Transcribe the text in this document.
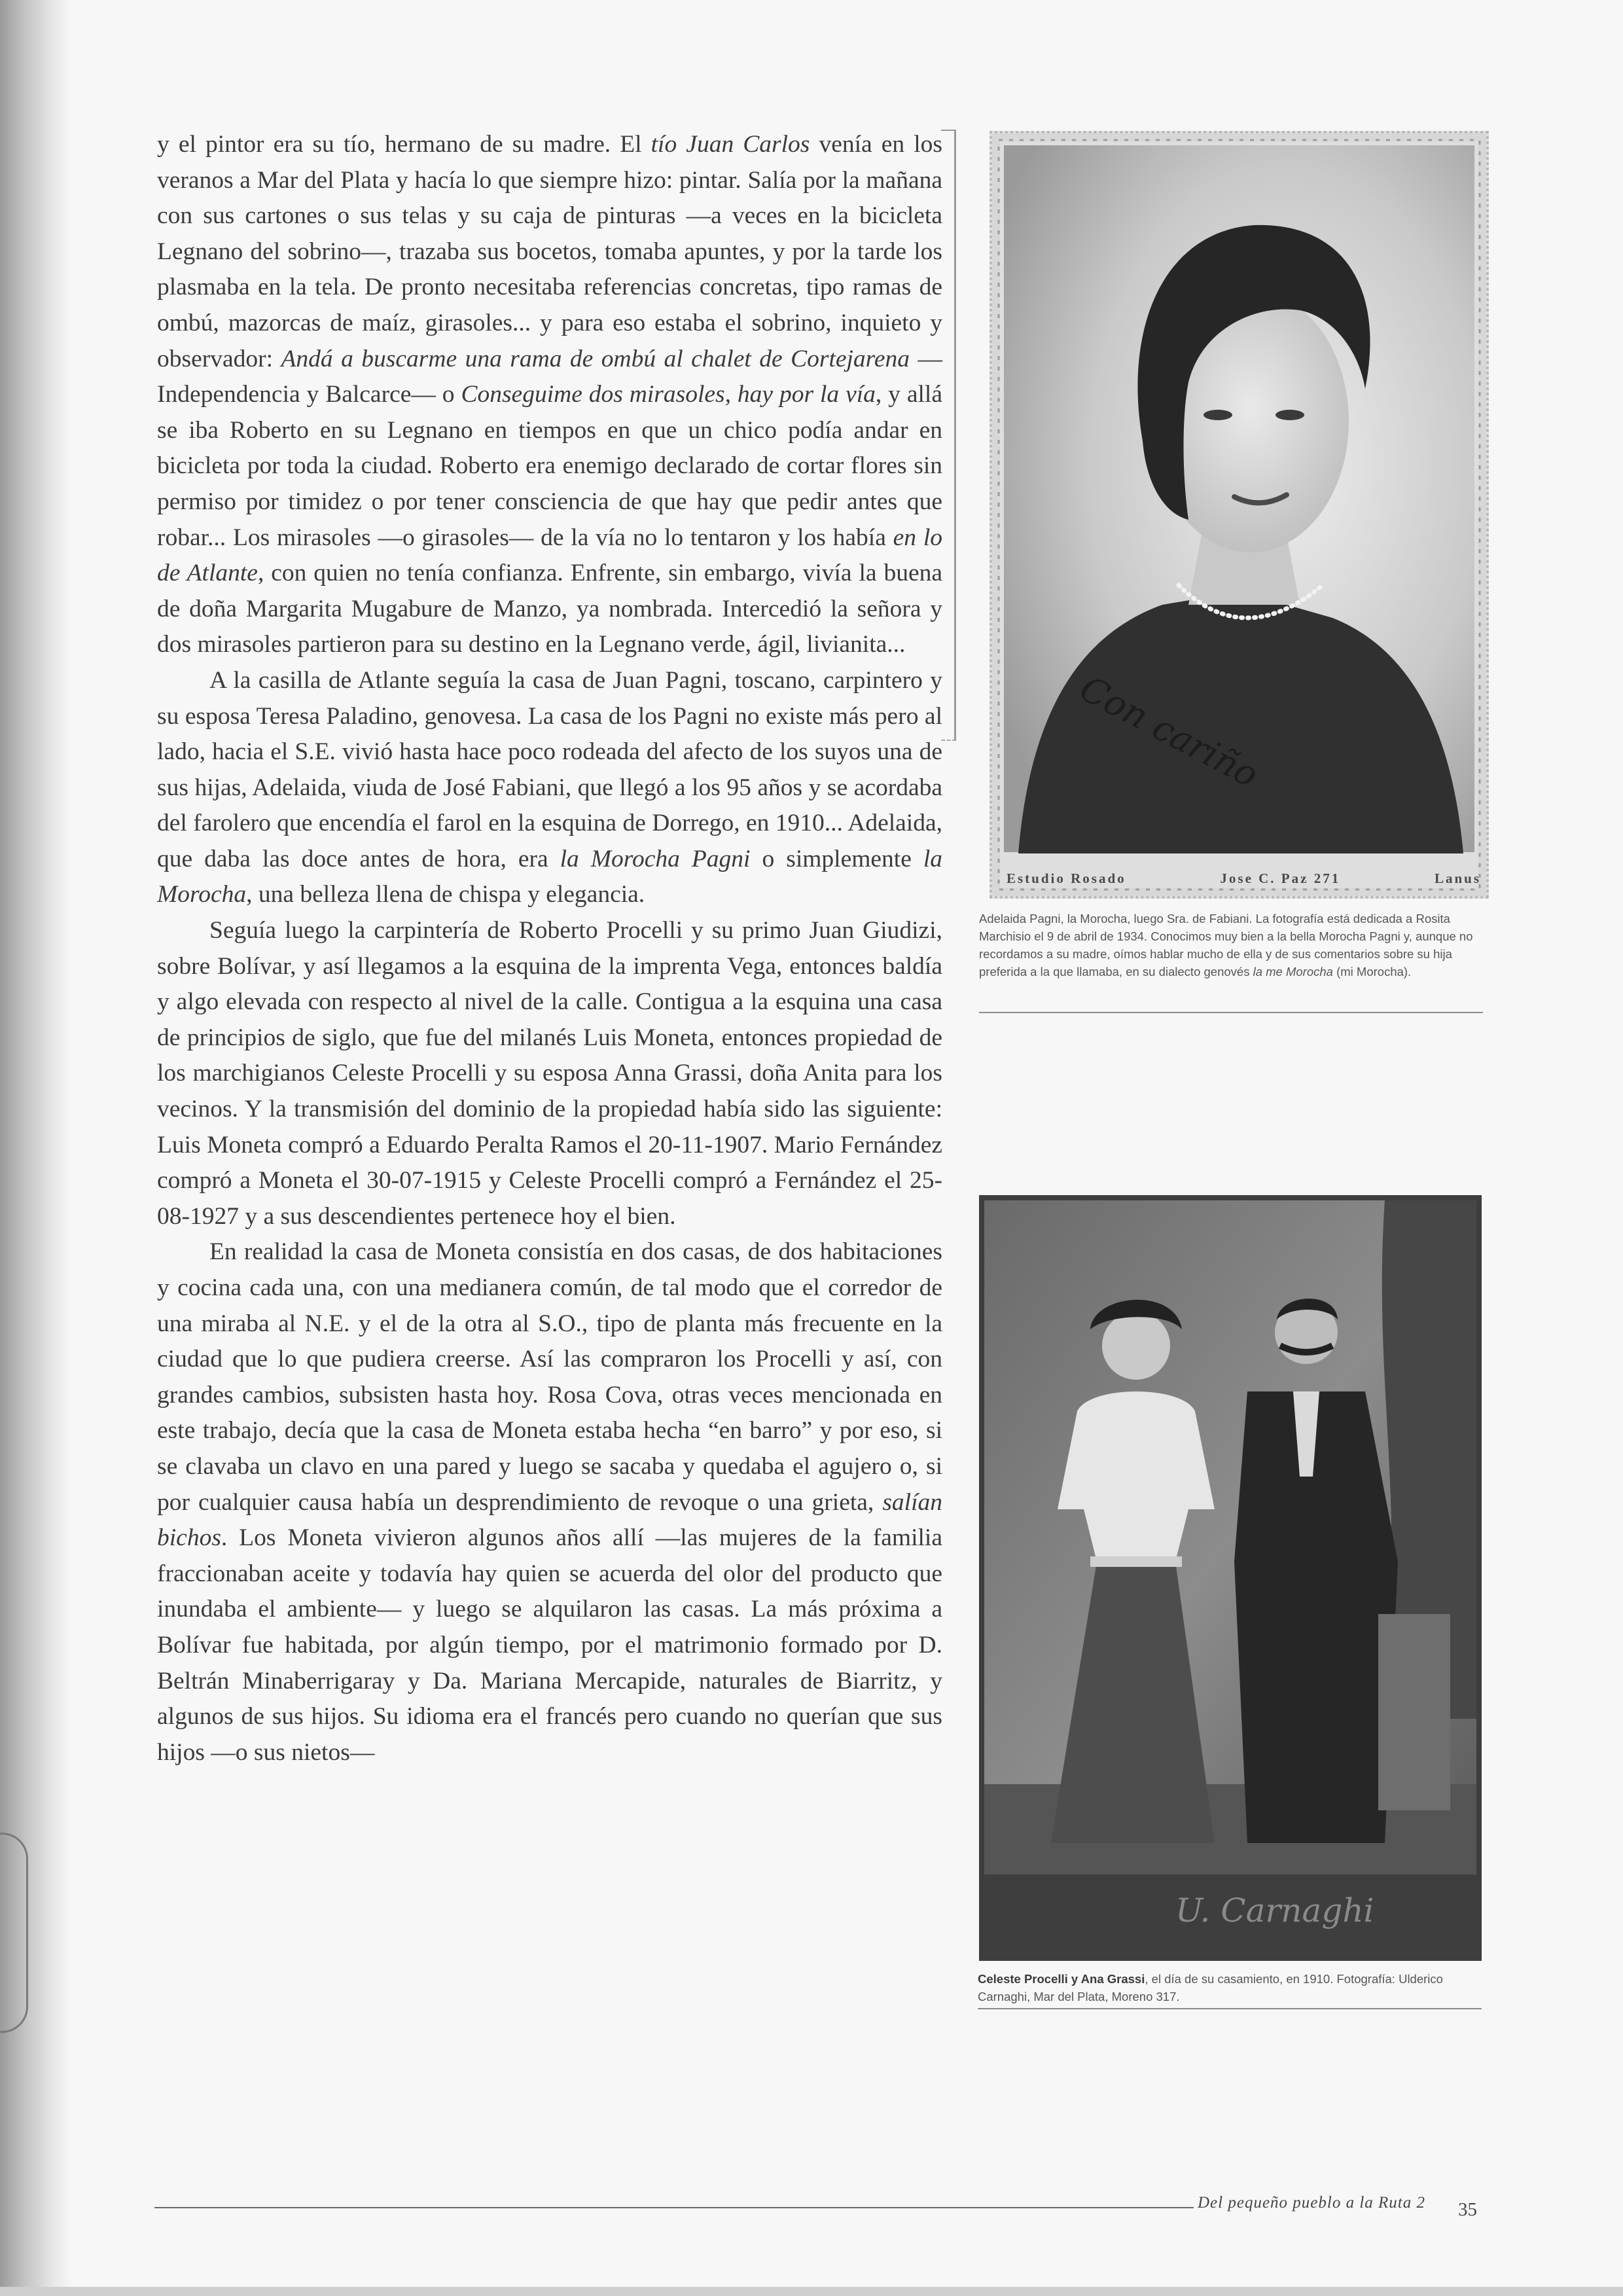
y el pintor era su tío, hermano de su madre. El tío Juan Carlos venía en los veranos a Mar del Plata y hacía lo que siempre hizo: pintar. Salía por la mañana con sus cartones o sus telas y su caja de pinturas —a veces en la bicicleta Legnano del sobrino—, trazaba sus bocetos, tomaba apuntes, y por la tarde los plasmaba en la tela. De pronto necesitaba referencias concretas, tipo ramas de ombú, mazorcas de maíz, girasoles... y para eso estaba el sobrino, inquieto y observador: Andá a buscarme una rama de ombú al chalet de Cortejarena —Independencia y Balcarce— o Conseguime dos mirasoles, hay por la vía, y allá se iba Roberto en su Legnano en tiempos en que un chico podía andar en bicicleta por toda la ciudad. Roberto era enemigo declarado de cortar flores sin permiso por timidez o por tener consciencia de que hay que pedir antes que robar... Los mirasoles —o girasoles— de la vía no lo tentaron y los había en lo de Atlante, con quien no tenía confianza. Enfrente, sin embargo, vivía la buena de doña Margarita Mugabure de Manzo, ya nombrada. Intercedió la señora y dos mirasoles partieron para su destino en la Legnano verde, ágil, livianita...

A la casilla de Atlante seguía la casa de Juan Pagni, toscano, carpintero y su esposa Teresa Paladino, genovesa. La casa de los Pagni no existe más pero al lado, hacia el S.E. vivió hasta hace poco rodeada del afecto de los suyos una de sus hijas, Adelaida, viuda de José Fabiani, que llegó a los 95 años y se acordaba del farolero que encendía el farol en la esquina de Dorrego, en 1910... Adelaida, que daba las doce antes de hora, era la Morocha Pagni o simplemente la Morocha, una belleza llena de chispa y elegancia.

Seguía luego la carpintería de Roberto Procelli y su primo Juan Giudizi, sobre Bolívar, y así llegamos a la esquina de la imprenta Vega, entonces baldía y algo elevada con respecto al nivel de la calle. Contigua a la esquina una casa de principios de siglo, que fue del milanés Luis Moneta, entonces propiedad de los marchigianos Celeste Procelli y su esposa Anna Grassi, doña Anita para los vecinos. Y la transmisión del dominio de la propiedad había sido las siguiente: Luis Moneta compró a Eduardo Peralta Ramos el 20-11-1907. Mario Fernández compró a Moneta el 30-07-1915 y Celeste Procelli compró a Fernández el 25-08-1927 y a sus descendientes pertenece hoy el bien.

En realidad la casa de Moneta consistía en dos casas, de dos habitaciones y cocina cada una, con una medianera común, de tal modo que el corredor de una miraba al N.E. y el de la otra al S.O., tipo de planta más frecuente en la ciudad que lo que pudiera creerse. Así las compraron los Procelli y así, con grandes cambios, subsisten hasta hoy. Rosa Cova, otras veces mencionada en este trabajo, decía que la casa de Moneta estaba hecha “en barro” y por eso, si se clavaba un clavo en una pared y luego se sacaba y quedaba el agujero o, si por cualquier causa había un desprendimiento de revoque o una grieta, salían bichos. Los Moneta vivieron algunos años allí —las mujeres de la familia fraccionaban aceite y todavía hay quien se acuerda del olor del producto que inundaba el ambiente— y luego se alquilaron las casas. La más próxima a Bolívar fue habitada, por algún tiempo, por el matrimonio formado por D. Beltrán Minaberrigaray y Da. Mariana Mercapide, naturales de Biarritz, y algunos de sus hijos. Su idioma era el francés pero cuando no querían que sus hijos —o sus nietos—

Con cariño
Estudio Rosado	Jose C. Paz 271	Lanus
Adelaida Pagni, la Morocha, luego Sra. de Fabiani. La fotografía está dedicada a Rosita Marchisio el 9 de abril de 1934. Conocimos muy bien a la bella Morocha Pagni y, aunque no recordamos a su madre, oímos hablar mucho de ella y de sus comentarios sobre su hija preferida a la que llamaba, en su dialecto genovés la me Morocha (mi Morocha).
U. Carnaghi
Celeste Procelli y Ana Grassi, el día de su casamiento, en 1910. Fotografía: Ulderico Carnaghi, Mar del Plata, Moreno 317.
Del pequeño pueblo a la Ruta 2 35
